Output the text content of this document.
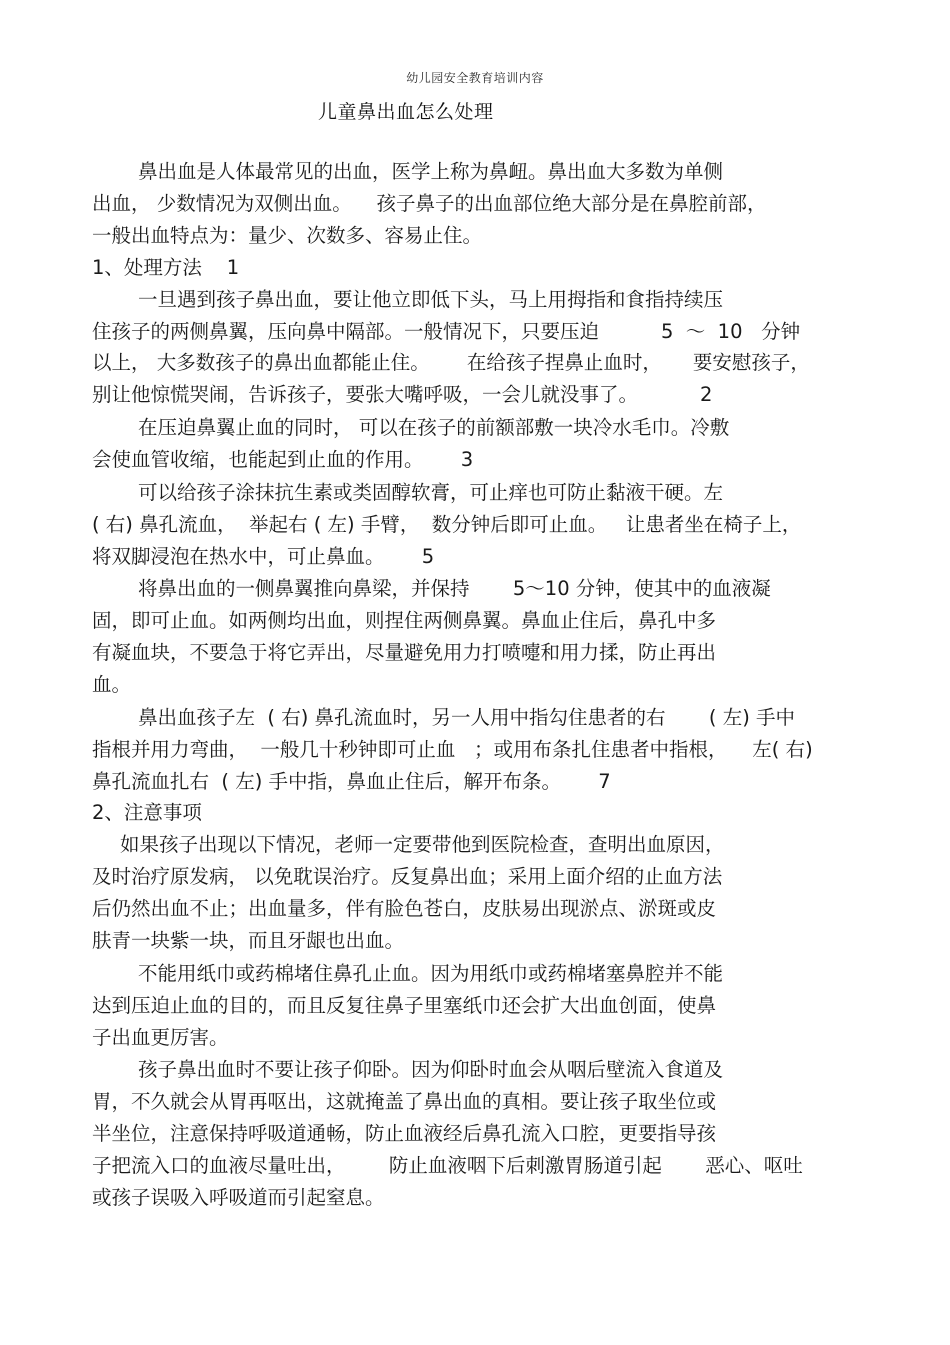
幼儿园安全教育培训内容
儿童鼻出血怎么处理
鼻出血是人体最常见的出血，医学上称为鼻衄。鼻出血大多数为单侧
出血， 少数情况为双侧出血。    孩子鼻子的出血部位绝大部分是在鼻腔前部，
一般出血特点为：量少、次数多、容易止住。
1、处理方法    1
一旦遇到孩子鼻出血，要让他立即低下头，马上用拇指和食指持续压
住孩子的两侧鼻翼，压向鼻中隔部。一般情况下，只要压迫          5  ～  10   分钟
以上， 大多数孩子的鼻出血都能止住。      在给孩子捏鼻止血时，     要安慰孩子，
别让他惊慌哭闹，告诉孩子，要张大嘴呼吸，一会儿就没事了。          2
在压迫鼻翼止血的同时， 可以在孩子的前额部敷一块冷水毛巾。冷敷
会使血管收缩，也能起到止血的作用。      3
可以给孩子涂抹抗生素或类固醇软膏，可止痒也可防止黏液干硬。左
( 右) 鼻孔流血，  举起右 ( 左) 手臂，  数分钟后即可止血。   让患者坐在椅子上，
将双脚浸泡在热水中，可止鼻血。      5
将鼻出血的一侧鼻翼推向鼻梁，并保持       5～10 分钟，使其中的血液凝
固，即可止血。如两侧均出血，则捏住两侧鼻翼。鼻血止住后，鼻孔中多
有凝血块，不要急于将它弄出，尽量避免用力打喷嚏和用力揉，防止再出
血。
鼻出血孩子左  ( 右) 鼻孔流血时，另一人用中指勾住患者的右       ( 左) 手中
指根并用力弯曲，  一般几十秒钟即可止血   ；或用布条扎住患者中指根，    左( 右)
鼻孔流血扎右  ( 左) 手中指，鼻血止住后，解开布条。      7
2、注意事项
如果孩子出现以下情况，老师一定要带他到医院检查，查明出血原因，
及时治疗原发病， 以免耽误治疗。反复鼻出血；采用上面介绍的止血方法
后仍然出血不止；出血量多，伴有脸色苍白，皮肤易出现淤点、淤斑或皮
肤青一块紫一块，而且牙龈也出血。
不能用纸巾或药棉堵住鼻孔止血。因为用纸巾或药棉堵塞鼻腔并不能
达到压迫止血的目的，而且反复往鼻子里塞纸巾还会扩大出血创面，使鼻
子出血更厉害。
孩子鼻出血时不要让孩子仰卧。因为仰卧时血会从咽后壁流入食道及
胃，不久就会从胃再呕出，这就掩盖了鼻出血的真相。要让孩子取坐位或
半坐位，注意保持呼吸道通畅，防止血液经后鼻孔流入口腔，更要指导孩
子把流入口的血液尽量吐出，       防止血液咽下后刺激胃肠道引起       恶心、呕吐
或孩子误吸入呼吸道而引起窒息。
